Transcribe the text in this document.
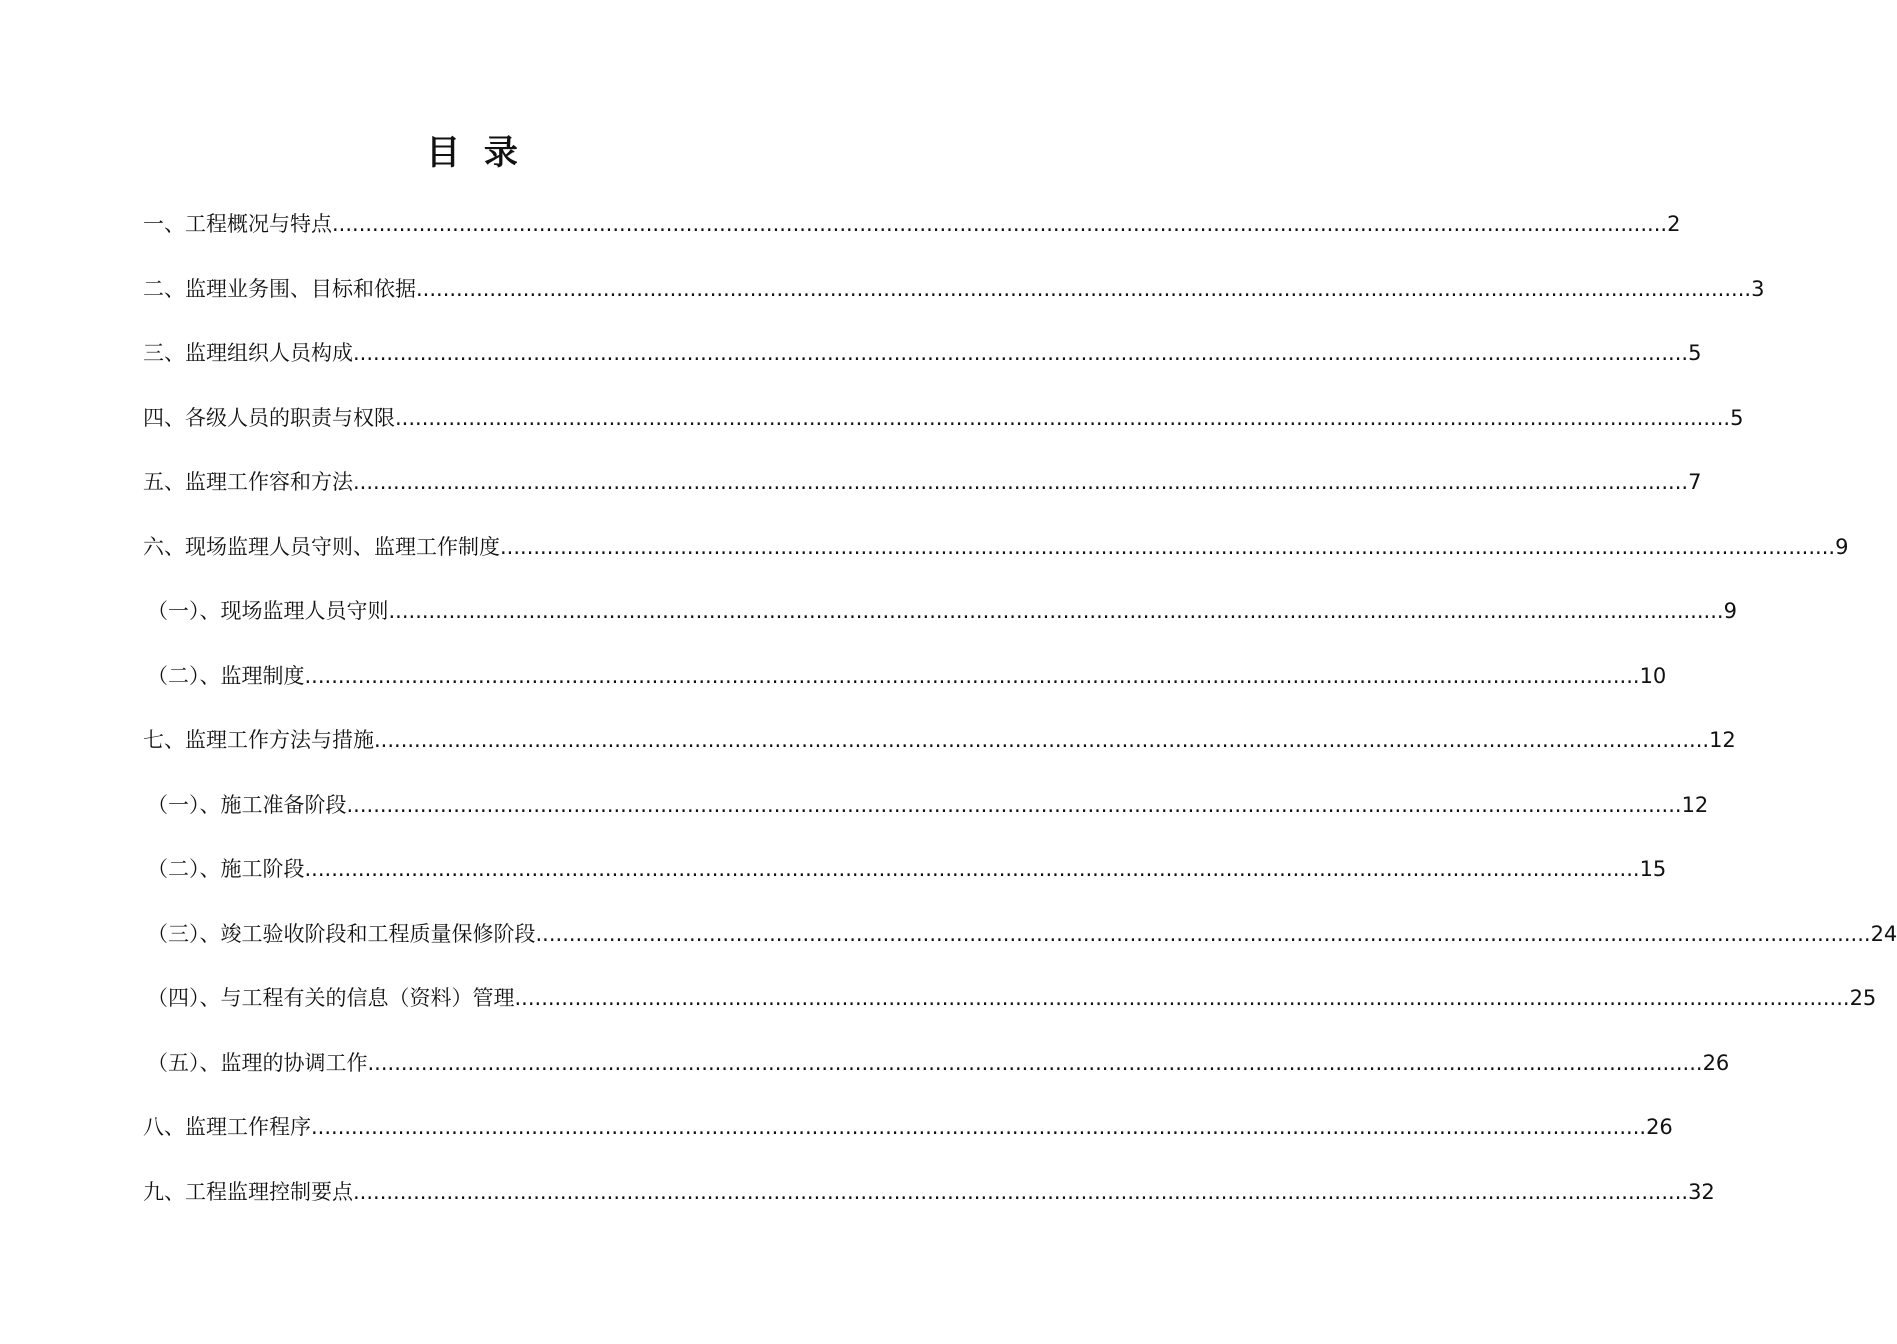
目 录
一、工程概况与特点 ........................................................................................................................................................................................................ 2
二、监理业务围、目标和依据 ........................................................................................................................................................................................................ 3
三、监理组织人员构成 ........................................................................................................................................................................................................ 5
四、各级人员的职责与权限 ........................................................................................................................................................................................................ 5
五、监理工作容和方法 ........................................................................................................................................................................................................ 7
六、现场监理人员守则、监理工作制度 ........................................................................................................................................................................................................ 9
（一）、现场监理人员守则 ........................................................................................................................................................................................................ 9
（二）、监理制度 ........................................................................................................................................................................................................ 10
七、监理工作方法与措施 ........................................................................................................................................................................................................ 12
（一）、施工准备阶段 ........................................................................................................................................................................................................ 12
（二）、施工阶段 ........................................................................................................................................................................................................ 15
（三）、竣工验收阶段和工程质量保修阶段 ........................................................................................................................................................................................................ 24
（四）、与工程有关的信息（资料）管理 ........................................................................................................................................................................................................ 25
（五）、监理的协调工作 ........................................................................................................................................................................................................ 26
八、监理工作程序 ........................................................................................................................................................................................................ 26
九、工程监理控制要点 ........................................................................................................................................................................................................ 32
